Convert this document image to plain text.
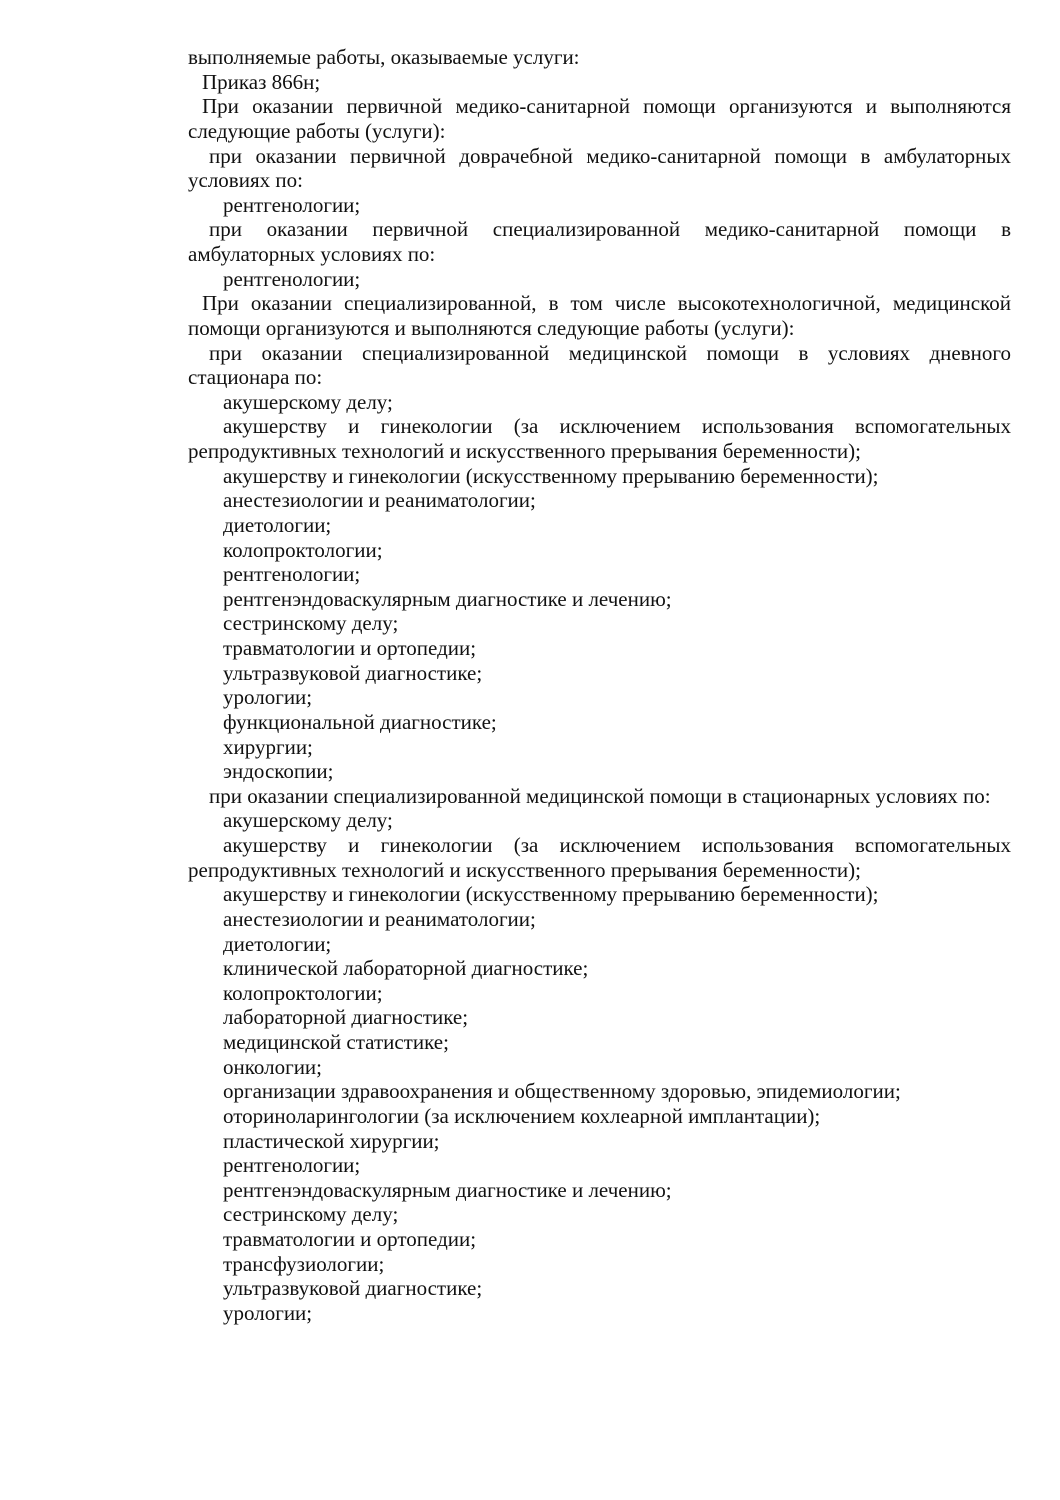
выполняемые работы, оказываемые услуги:
Приказ 866н;
При оказании первичной медико-санитарной помощи организуются и выполняются
следующие работы (услуги):
при оказании первичной доврачебной медико-санитарной помощи в амбулаторных
условиях по:
рентгенологии;
при оказании первичной специализированной медико-санитарной помощи в
амбулаторных условиях по:
рентгенологии;
При оказании специализированной, в том числе высокотехнологичной, медицинской
помощи организуются и выполняются следующие работы (услуги):
при оказании специализированной медицинской помощи в условиях дневного
стационара по:
акушерскому делу;
акушерству и гинекологии (за исключением использования вспомогательных
репродуктивных технологий и искусственного прерывания беременности);
акушерству и гинекологии (искусственному прерыванию беременности);
анестезиологии и реаниматологии;
диетологии;
колопроктологии;
рентгенологии;
рентгенэндоваскулярным диагностике и лечению;
сестринскому делу;
травматологии и ортопедии;
ультразвуковой диагностике;
урологии;
функциональной диагностике;
хирургии;
эндоскопии;
при оказании специализированной медицинской помощи в стационарных условиях по:
акушерскому делу;
акушерству и гинекологии (за исключением использования вспомогательных
репродуктивных технологий и искусственного прерывания беременности);
акушерству и гинекологии (искусственному прерыванию беременности);
анестезиологии и реаниматологии;
диетологии;
клинической лабораторной диагностике;
колопроктологии;
лабораторной диагностике;
медицинской статистике;
онкологии;
организации здравоохранения и общественному здоровью, эпидемиологии;
оториноларингологии (за исключением кохлеарной имплантации);
пластической хирургии;
рентгенологии;
рентгенэндоваскулярным диагностике и лечению;
сестринскому делу;
травматологии и ортопедии;
трансфузиологии;
ультразвуковой диагностике;
урологии;
